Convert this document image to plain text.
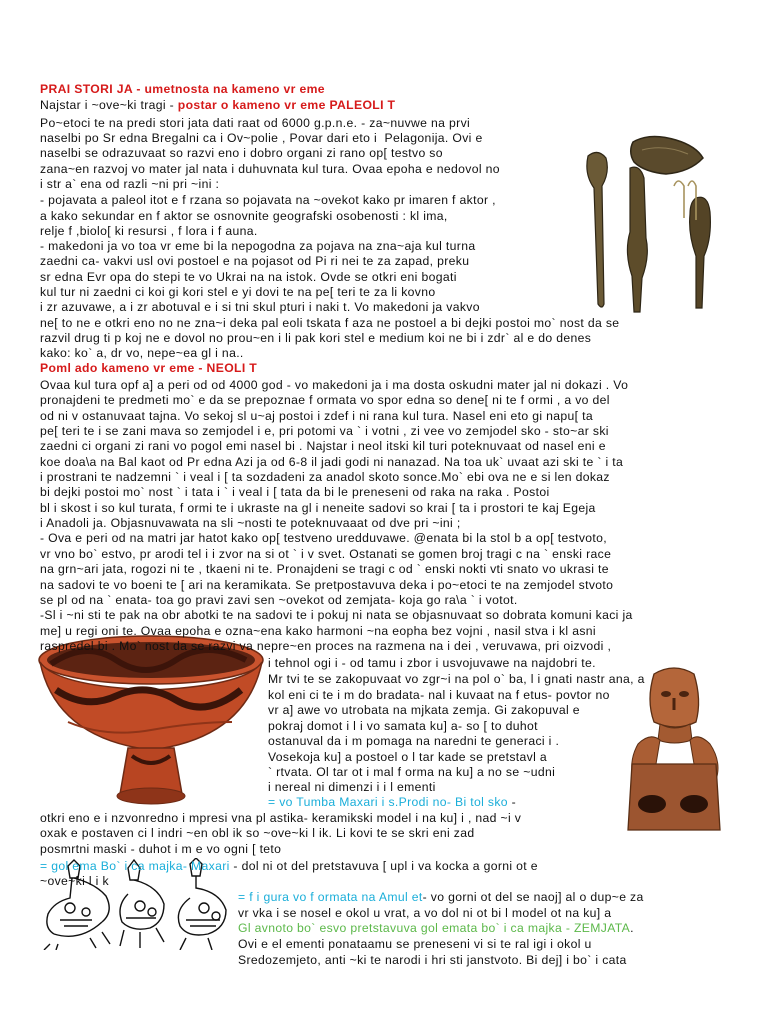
PRAI STORI JA - umetnosta na kameno vr eme
Najstar i ~ove~ki tragi - postar o kameno vr eme PALEOLI T
Po~etoci te na predi stori jata dati raat od 6000 g.p.n.e. - za~nuvwe na prvi
naselbi po Sr edna Bregalni ca i Ov~polie , Povar dari eto i  Pelagonija. Ovi e
naselbi se odrazuvaat so razvi eno i dobro organi zi rano op[ testvo so
zana~en razvoj vo mater jal nata i duhuvnata kul tura. Ovaa epoha e nedovol no
i str a` ena od razli ~ni pri ~ini :
- pojavata a paleol itot e f rzana so pojavata na ~ovekot kako pr imaren f aktor ,
a kako sekundar en f aktor se osnovnite geografski osobenosti : kl ima,
relje f ,biolo[ ki resursi , f lora i f auna.
- makedoni ja vo toa vr eme bi la nepogodna za pojava na zna~aja kul turna
zaedni ca- vakvi usl ovi postoel e na pojasot od Pi ri nei te za zapad, preku
sr edna Evr opa do stepi te vo Ukrai na na istok. Ovde se otkri eni bogati
kul tur ni zaedni ci koi gi kori stel e yi dovi te na pe[ teri te za li kovno
i zr azuvawe, a i zr abotuval e i si tni skul pturi i naki t. Vo makedoni ja vakvo
ne[ to ne e otkri eno no ne zna~i deka pal eoli tskata f aza ne postoel a bi dejki postoi mo` nost da se
razvil drug ti p koj ne e dovol no prou~en i li pak kori stel e medium koi ne bi i zdr` al e do denes
kako: ko` a, dr vo, nepe~ea gl i na..
Poml ado kameno vr eme - NEOLI T
Ovaa kul tura opf a] a peri od od 4000 god - vo makedoni ja i ma dosta oskudni mater jal ni dokazi . Vo
pronajdeni te predmeti mo` e da se prepoznae f ormata vo spor edna so dene[ ni te f ormi , a vo del
od ni v ostanuvaat tajna. Vo sekoj sl u~aj postoi i zdef i ni rana kul tura. Nasel eni eto gi napu[ ta
pe[ teri te i se zani mava so zemjodel i e, pri potomi va ` i votni , zi vee vo zemjodel sko - sto~ar ski
zaedni ci organi zi rani vo pogol emi nasel bi . Najstar i neol itski kil turi poteknuvaat od nasel eni e
koe doa\a na Bal kaot od Pr edna Azi ja od 6-8 il jadi godi ni nanazad. Na toa uk` uvaat azi ski te ` i ta
i prostrani te nadzemni ` i veal i [ ta sozdadeni za anadol skoto sonce.Mo` ebi ova ne e si len dokaz
bi dejki postoi mo` nost ` i tata i ` i veal i [ tata da bi le preneseni od raka na raka . Postoi
bl i skost i so kul turata, f ormi te i ukraste na gl i neneite sadovi so krai [ ta i prostori te kaj Egeja
i Anadoli ja. Objasnuvawata na sli ~nosti te poteknuvaaat od dve pri ~ini ;
- Ova e peri od na matri jar hatot kako op[ testveno uredduvawe. @enata bi la stol b a op[ testvoto,
vr vno bo` estvo, pr arodi tel i i zvor na si ot ` i v svet. Ostanati se gomen broj tragi c na ` enski race
na grn~ari jata, rogozi ni te , tkaeni ni te. Pronajdeni se tragi c od ` enski nokti vti snato vo ukrasi te
na sadovi te vo boeni te [ ari na keramikata. Se pretpostavuva deka i po~etoci te na zemjodel stvoto
se pl od na ` enata- toa go pravi zavi sen ~ovekot od zemjata- koja go ra\a ` i votot.
-Sl i ~ni sti te pak na obr abotki te na sadovi te i pokuj ni nata se objasnuvaat so dobrata komuni kaci ja
me] u regi oni te. Ovaa epoha e ozna~ena kako harmoni ~na eopha bez vojni , nasil stva i kl asni
raspredel bi . Mo` nost da se razvi va nepre~en proces na razmena na i dei , veruvawa, pri oizvodi ,
i tehnol ogi i - od tamu i zbor i usvojuvawe na najdobri te.
Mr tvi te se zakopuvaat vo zgr~i na pol o` ba, l i gnati nastr ana, a
kol eni ci te i m do bradata- nal i kuvaat na f etus- povtor no
vr a] awe vo utrobata na mjkata zemja. Gi zakopuval e
pokraj domot i l i vo samata ku] a- so [ to duhot
ostanuval da i m pomaga na naredni te generaci i .
Vosekoja ku] a postoel o l tar kade se pretstavl a
` rtvata. Ol tar ot i mal f orma na ku] a no se ~udni
i nereal ni dimenzi i i l ementi
= vo Tumba Maxari i s.Prodi no- Bi tol sko -
otkri eno e i nzvonredno i mpresi vna pl astika- keramikski model i na ku] i , nad ~i v
oxak e postaven ci l indri ~en obl ik so ~ove~ki l ik. Li kovi te se skri eni zad
posmrtni maski - duhot i m e vo ogni [ teto
= gol ema Bo` i ca majka- Maxari - dol ni ot del pretstavuva [ upl i va kocka a gorni ot e
~ove~ki l i k
= f i gura vo f ormata na Amul et- vo gorni ot del se naoj] al o dup~e za
vr vka i se nosel e okol u vrat, a vo dol ni ot bi l model ot na ku] a
Gl avnoto bo` esvo pretstavuva gol emata bo` i ca majka - ZEMJATA.
Ovi e el ementi ponataamu se preneseni vi si te ral igi i okol u
Sredozemjeto, anti ~ki te narodi i hri sti janstvoto. Bi dej] i bo` i cata
